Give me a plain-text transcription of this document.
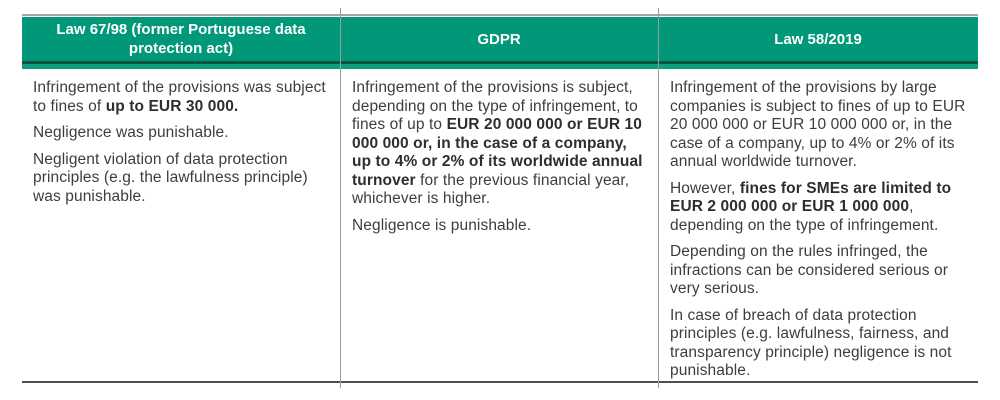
Law 67/98 (former Portuguese data protection act)
GDPR	Law 58/2019

Infringement of the provisions was subject to fines of up to EUR 30 000.

Negligence was punishable.

Negligent violation of data protection principles (e.g. the lawfulness principle) was punishable.

Infringement of the provisions is subject, depending on the type of infringement, to fines of up to EUR 20 000 000 or EUR 10 000 000 or, in the case of a company, up to 4% or 2% of its worldwide annual turnover for the previous financial year, whichever is higher.

Negligence is punishable.

Infringement of the provisions by large companies is subject to fines of up to EUR 20 000 000 or EUR 10 000 000 or, in the case of a company, up to 4% or 2% of its annual worldwide turnover.

However, fines for SMEs are limited to EUR 2 000 000 or EUR 1 000 000, depending on the type of infringement.

Depending on the rules infringed, the infractions can be considered serious or very serious.

In case of breach of data protection principles (e.g. lawfulness, fairness, and transparency principle) negligence is not punishable.
